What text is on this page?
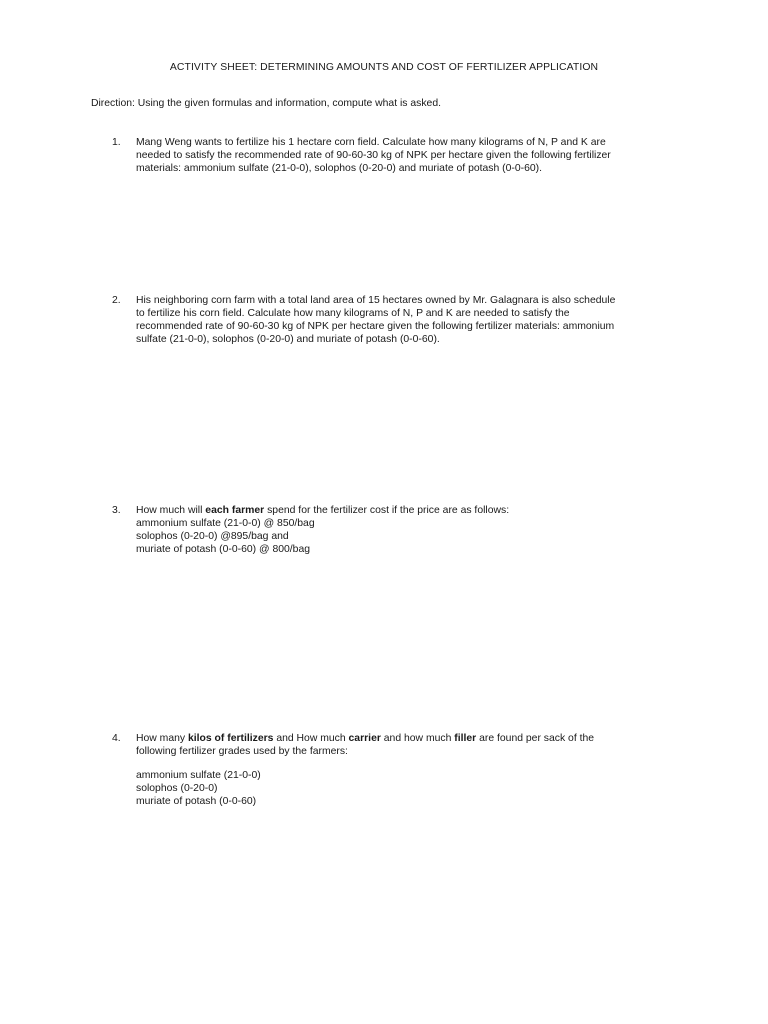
ACTIVITY SHEET: DETERMINING AMOUNTS AND COST OF FERTILIZER APPLICATION
Direction: Using the given formulas and information, compute what is asked.
1.	Mang Weng wants to fertilize his 1 hectare corn field. Calculate how many kilograms of N, P and K are
needed to satisfy the recommended rate of 90-60-30 kg of NPK per hectare given the following fertilizer
materials: ammonium sulfate (21-0-0), solophos (0-20-0) and muriate of potash (0-0-60).
2.	His neighboring corn farm with a total land area of 15 hectares owned by Mr. Galagnara is also schedule
to fertilize his corn field. Calculate how many kilograms of N, P and K are needed to satisfy the
recommended rate of 90-60-30 kg of NPK per hectare given the following fertilizer materials: ammonium
sulfate (21-0-0), solophos (0-20-0) and muriate of potash (0-0-60).
3.	How much will each farmer spend for the fertilizer cost if the price are as follows:
ammonium sulfate (21-0-0) @ 850/bag
solophos (0-20-0) @895/bag and
muriate of potash (0-0-60) @ 800/bag
4.	How many kilos of fertilizers and How much carrier and how much filler are found per sack of the
following fertilizer grades used by the farmers:
ammonium sulfate (21-0-0)
solophos (0-20-0)
muriate of potash (0-0-60)
